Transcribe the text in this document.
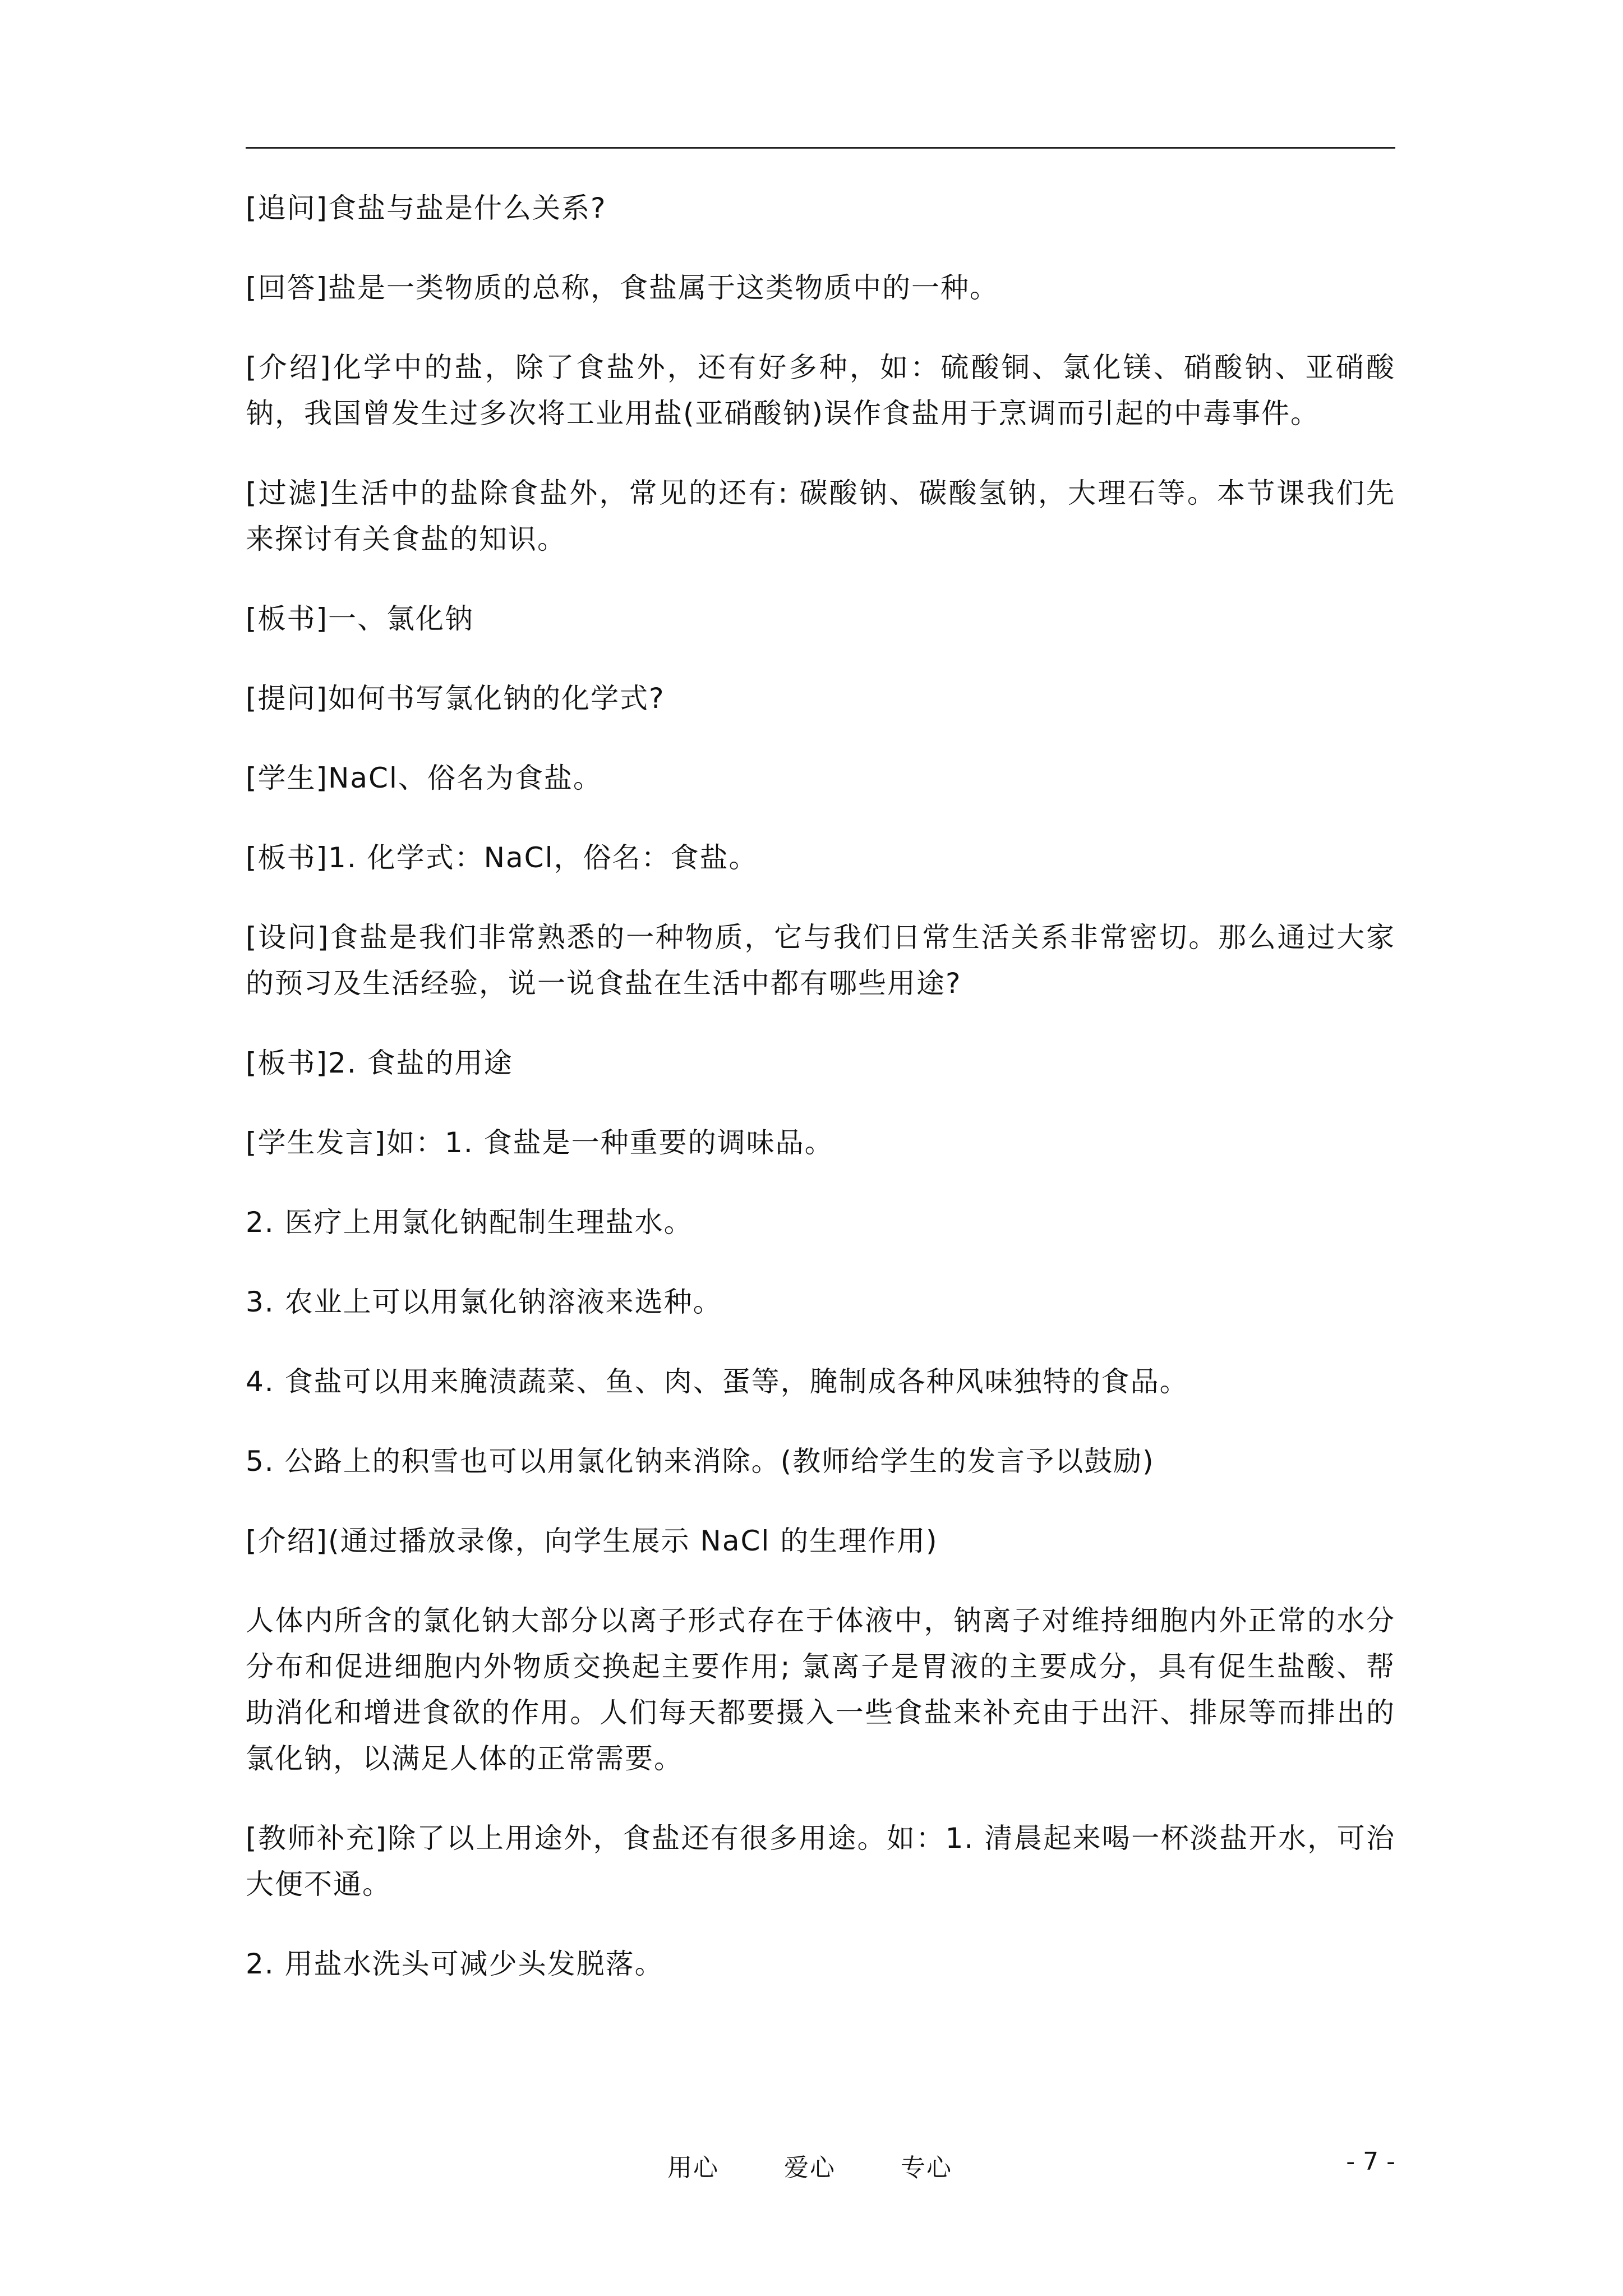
[追问]食盐与盐是什么关系?

[回答]盐是一类物质的总称，食盐属于这类物质中的一种。

[介绍]化学中的盐，除了食盐外，还有好多种，如：硫酸铜、氯化镁、硝酸钠、亚硝酸钠，我国曾发生过多次将工业用盐(亚硝酸钠)误作食盐用于烹调而引起的中毒事件。

[过滤]生活中的盐除食盐外，常见的还有: 碳酸钠、碳酸氢钠，大理石等。本节课我们先来探讨有关食盐的知识。

[板书]一、氯化钠

[提问]如何书写氯化钠的化学式?

[学生]NaCl、俗名为食盐。

[板书]1. 化学式：NaCl，俗名：食盐。

[设问]食盐是我们非常熟悉的一种物质，它与我们日常生活关系非常密切。那么通过大家的预习及生活经验，说一说食盐在生活中都有哪些用途?

[板书]2. 食盐的用途

[学生发言]如：1. 食盐是一种重要的调味品。

2. 医疗上用氯化钠配制生理盐水。

3. 农业上可以用氯化钠溶液来选种。

4. 食盐可以用来腌渍蔬菜、鱼、肉、蛋等，腌制成各种风味独特的食品。

5. 公路上的积雪也可以用氯化钠来消除。(教师给学生的发言予以鼓励)

[介绍](通过播放录像，向学生展示 NaCl 的生理作用)

人体内所含的氯化钠大部分以离子形式存在于体液中，钠离子对维持细胞内外正常的水分分布和促进细胞内外物质交换起主要作用; 氯离子是胃液的主要成分，具有促生盐酸、帮助消化和增进食欲的作用。人们每天都要摄入一些食盐来补充由于出汗、排尿等而排出的氯化钠，以满足人体的正常需要。

[教师补充]除了以上用途外，食盐还有很多用途。如：1. 清晨起来喝一杯淡盐开水，可治大便不通。

2. 用盐水洗头可减少头发脱落。

用心	爱心	专心	- 7 -
